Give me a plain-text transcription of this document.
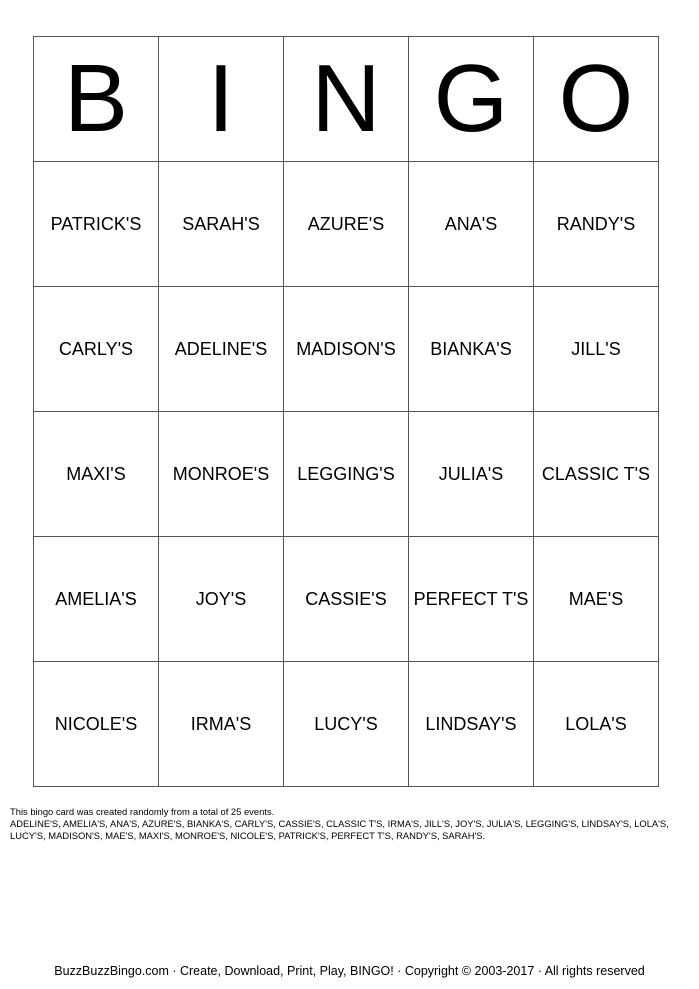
B	I	N	G	O
PATRICK'S	SARAH'S	AZURE'S	ANA'S	RANDY'S
CARLY'S	ADELINE'S	MADISON'S	BIANKA'S	JILL'S
MAXI'S	MONROE'S	LEGGING'S	JULIA'S	CLASSIC T'S
AMELIA'S	JOY'S	CASSIE'S	PERFECT T'S	MAE'S
NICOLE'S	IRMA'S	LUCY'S	LINDSAY'S	LOLA'S
This bingo card was created randomly from a total of 25 events.
ADELINE'S, AMELIA'S, ANA'S, AZURE'S, BIANKA'S, CARLY'S, CASSIE'S, CLASSIC T'S, IRMA'S, JILL'S, JOY'S, JULIA'S, LEGGING'S, LINDSAY'S, LOLA'S, LUCY'S, MADISON'S, MAE'S, MAXI'S, MONROE'S, NICOLE'S, PATRICK'S, PERFECT T'S, RANDY'S, SARAH'S.
BuzzBuzzBingo.com · Create, Download, Print, Play, BINGO! · Copyright © 2003-2017 · All rights reserved
